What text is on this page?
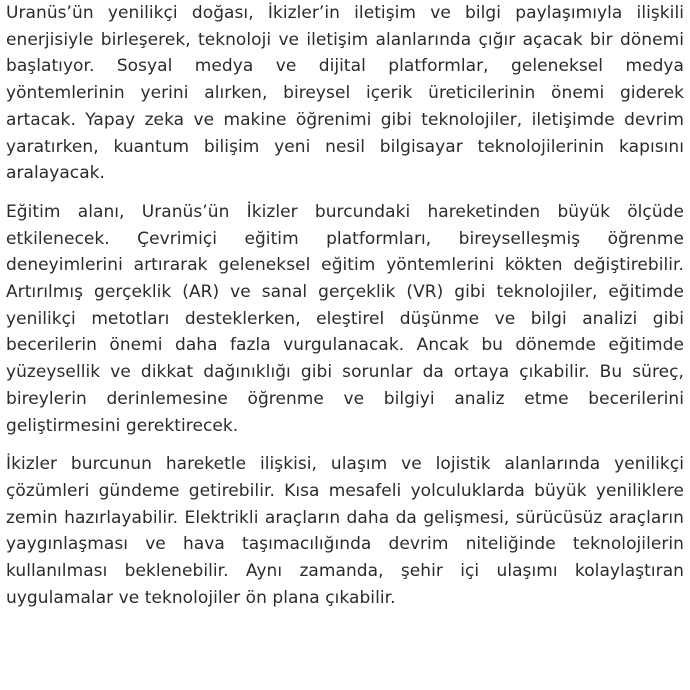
Uranüs’ün yenilikçi doğası, İkizler’in iletişim ve bilgi paylaşımıyla ilişkili enerjisiyle birleşerek, teknoloji ve iletişim alanlarında çığır açacak bir dönemi başlatıyor. Sosyal medya ve dijital platformlar, geleneksel medya yöntemlerinin yerini alırken, bireysel içerik üreticilerinin önemi giderek artacak. Yapay zeka ve makine öğrenimi gibi teknolojiler, iletişimde devrim yaratırken, kuantum bilişim yeni nesil bilgisayar teknolojilerinin kapısını aralayacak.

Eğitim alanı, Uranüs’ün İkizler burcundaki hareketinden büyük ölçüde etkilenecek. Çevrimiçi eğitim platformları, bireyselleşmiş öğrenme deneyimlerini artırarak geleneksel eğitim yöntemlerini kökten değiştirebilir. Artırılmış gerçeklik (AR) ve sanal gerçeklik (VR) gibi teknolojiler, eğitimde yenilikçi metotları desteklerken, eleştirel düşünme ve bilgi analizi gibi becerilerin önemi daha fazla vurgulanacak. Ancak bu dönemde eğitimde yüzeysellik ve dikkat dağınıklığı gibi sorunlar da ortaya çıkabilir. Bu süreç, bireylerin derinlemesine öğrenme ve bilgiyi analiz etme becerilerini geliştirmesini gerektirecek.

İkizler burcunun hareketle ilişkisi, ulaşım ve lojistik alanlarında yenilikçi çözümleri gündeme getirebilir. Kısa mesafeli yolculuklarda büyük yeniliklere zemin hazırlayabilir. Elektrikli araçların daha da gelişmesi, sürücüsüz araçların yaygınlaşması ve hava taşımacılığında devrim niteliğinde teknolojilerin kullanılması beklenebilir. Aynı zamanda, şehir içi ulaşımı kolaylaştıran uygulamalar ve teknolojiler ön plana çıkabilir.
